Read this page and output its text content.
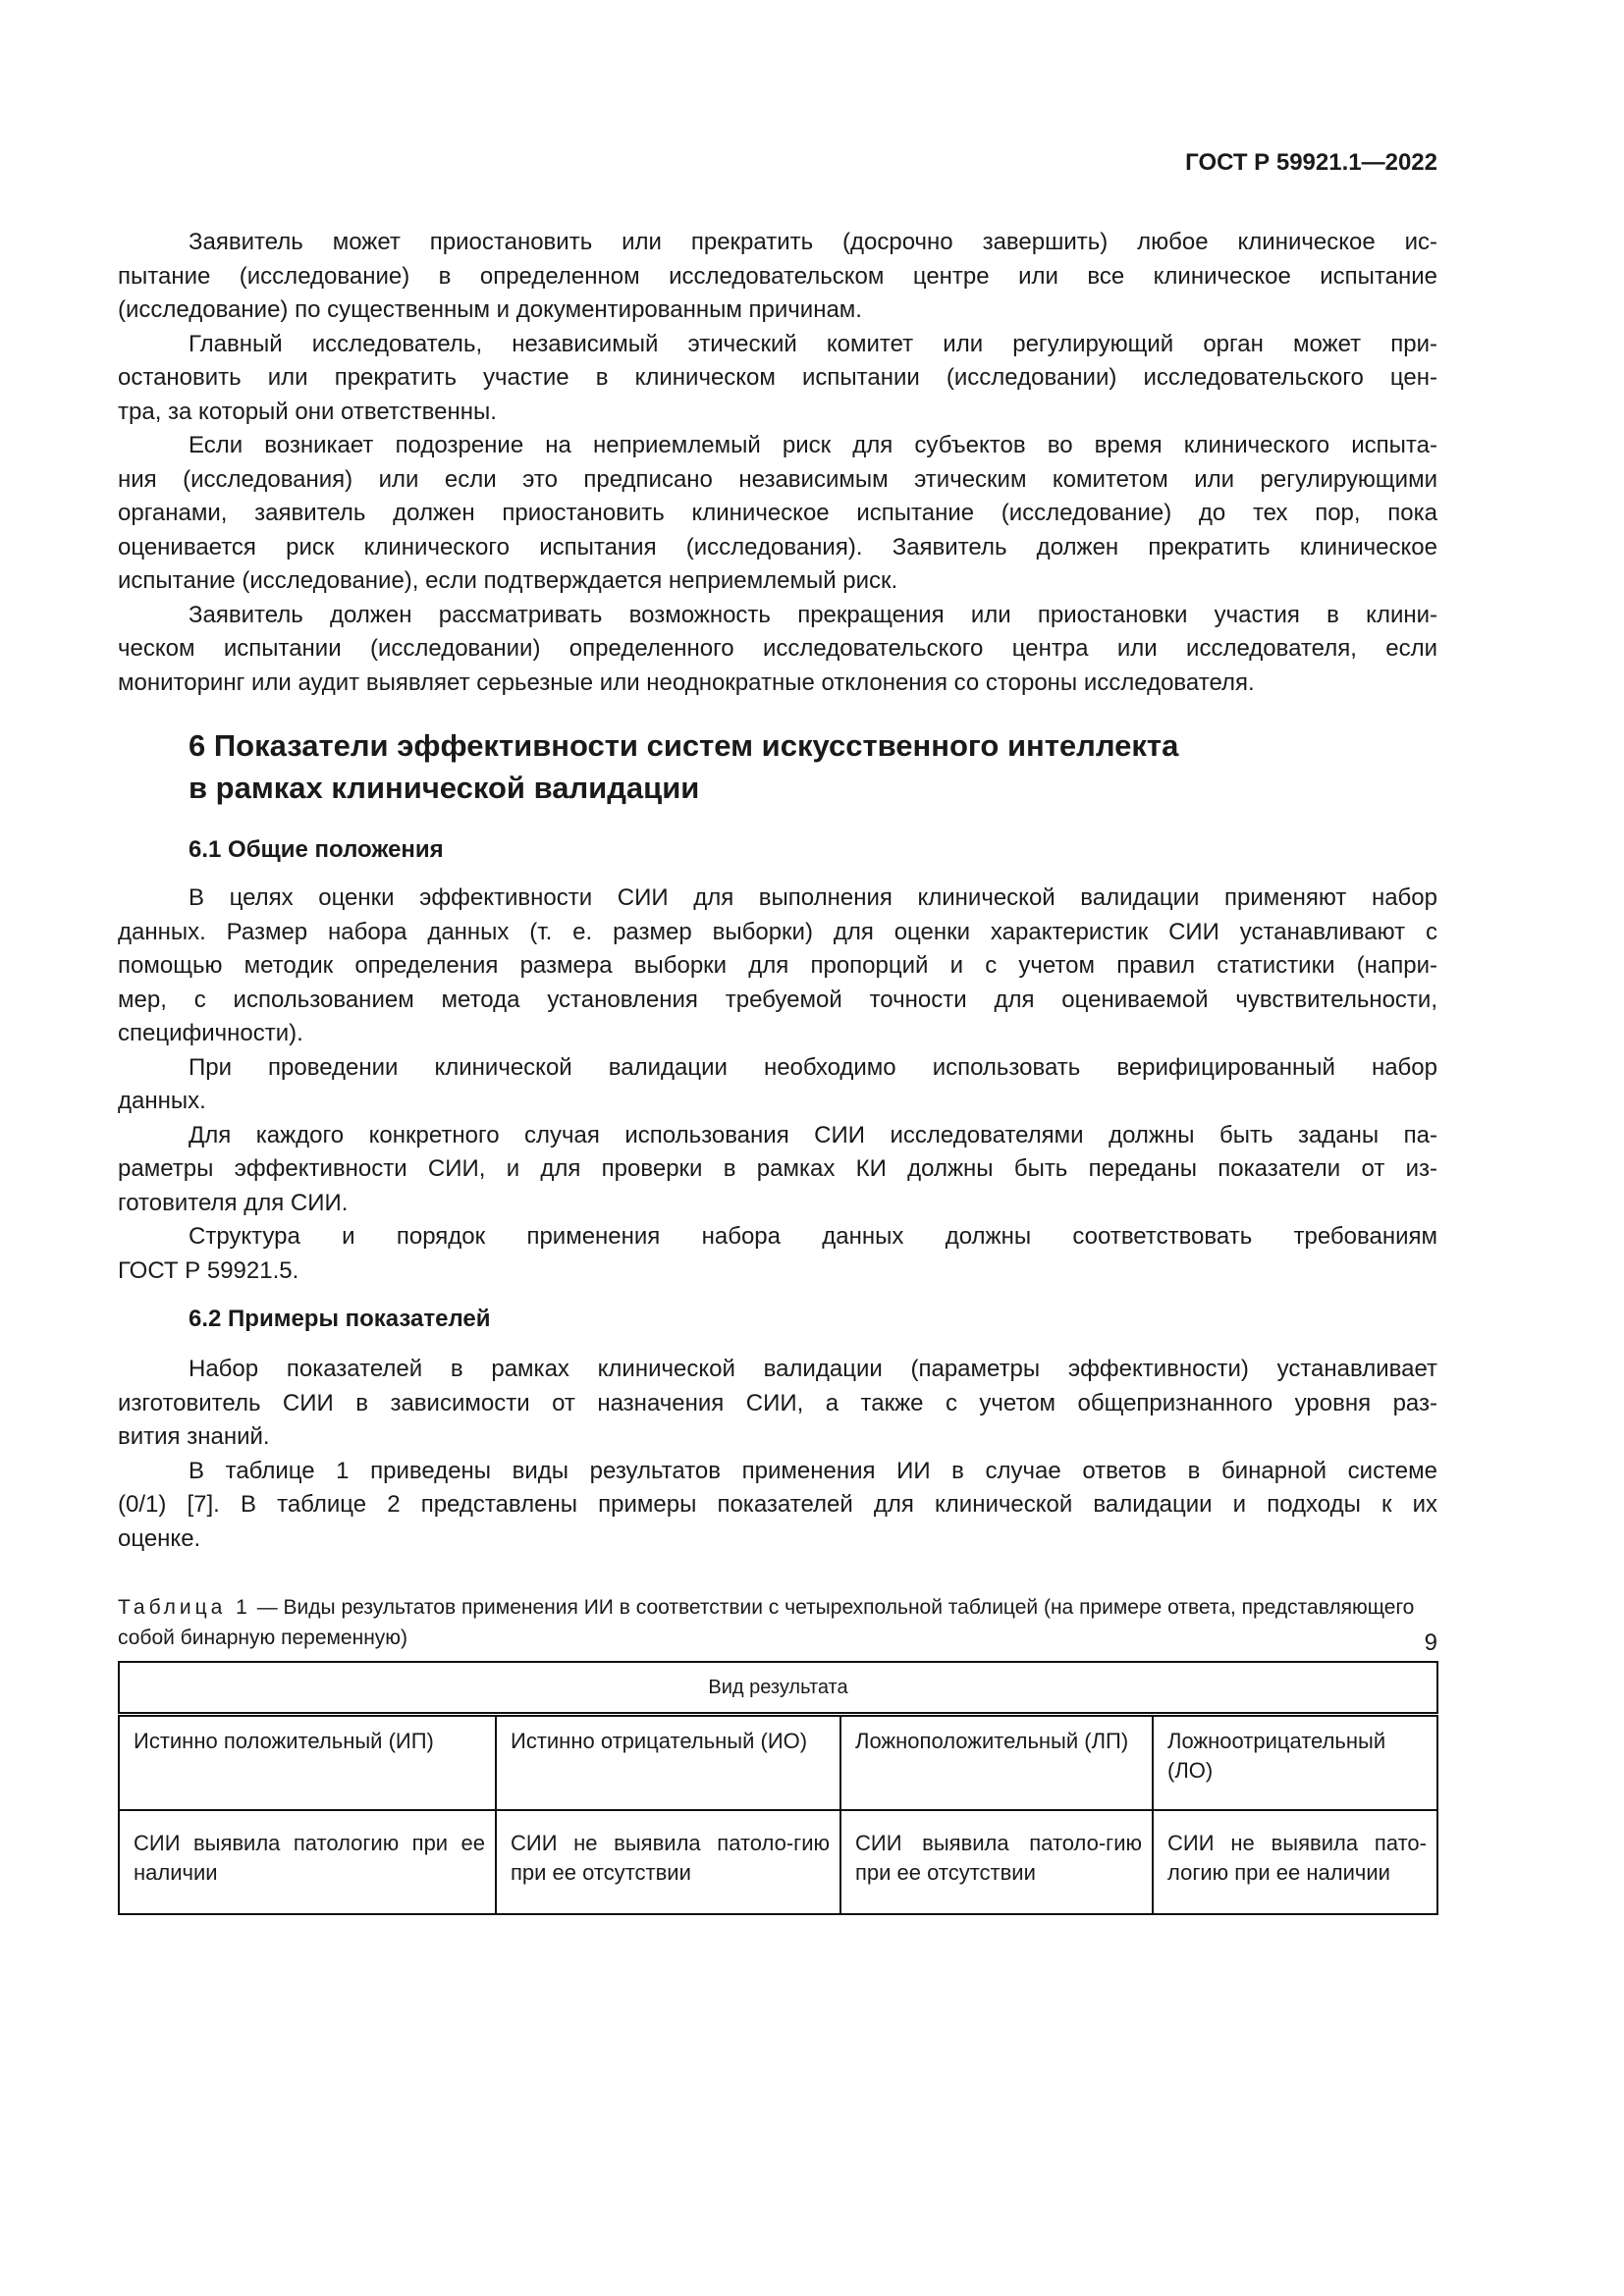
ГОСТ Р 59921.1—2022
Заявитель может приостановить или прекратить (досрочно завершить) любое клиническое ис-
пытание (исследование) в определенном исследовательском центре или все клиническое испытание
(исследование) по существенным и документированным причинам.
Главный исследователь, независимый этический комитет или регулирующий орган может при-
остановить или прекратить участие в клиническом испытании (исследовании) исследовательского цен-
тра, за который они ответственны.
Если возникает подозрение на неприемлемый риск для субъектов во время клинического испыта-
ния (исследования) или если это предписано независимым этическим комитетом или регулирующими
органами, заявитель должен приостановить клиническое испытание (исследование) до тех пор, пока
оценивается риск клинического испытания (исследования). Заявитель должен прекратить клиническое
испытание (исследование), если подтверждается неприемлемый риск.
Заявитель должен рассматривать возможность прекращения или приостановки участия в клини-
ческом испытании (исследовании) определенного исследовательского центра или исследователя, если
мониторинг или аудит выявляет серьезные или неоднократные отклонения со стороны исследователя.
6 Показатели эффективности систем искусственного интеллекта
в рамках клинической валидации
6.1 Общие положения
В целях оценки эффективности СИИ для выполнения клинической валидации применяют набор
данных. Размер набора данных (т. е. размер выборки) для оценки характеристик СИИ устанавливают с
помощью методик определения размера выборки для пропорций и с учетом правил статистики (напри-
мер, с использованием метода установления требуемой точности для оцениваемой чувствительности,
специфичности).
При проведении клинической валидации необходимо использовать верифицированный набор
данных.
Для каждого конкретного случая использования СИИ исследователями должны быть заданы па-
раметры эффективности СИИ, и для проверки в рамках КИ должны быть переданы показатели от из-
готовителя для СИИ.
Структура и порядок применения набора данных должны соответствовать требованиям
ГОСТ Р 59921.5.
6.2 Примеры показателей
Набор показателей в рамках клинической валидации (параметры эффективности) устанавливает
изготовитель СИИ в зависимости от назначения СИИ, а также с учетом общепризнанного уровня раз-
вития знаний.
В таблице 1 приведены виды результатов применения ИИ в случае ответов в бинарной системе
(0/1) [7]. В таблице 2 представлены примеры показателей для клинической валидации и подходы к их
оценке.
Таблица 1 — Виды результатов применения ИИ в соответствии с четырехпольной таблицей (на примере ответа, представляющего собой бинарную переменную)
Вид результата			
Истинно положительный (ИП)	Истинно отрицательный (ИО)	Ложноположительный (ЛП)	Ложноотрицательный (ЛО)
СИИ выявила патологию при ее наличии	СИИ не выявила патоло-гию при ее отсутствии	СИИ выявила патоло-гию при ее отсутствии	СИИ не выявила пато-логию при ее наличии
9
